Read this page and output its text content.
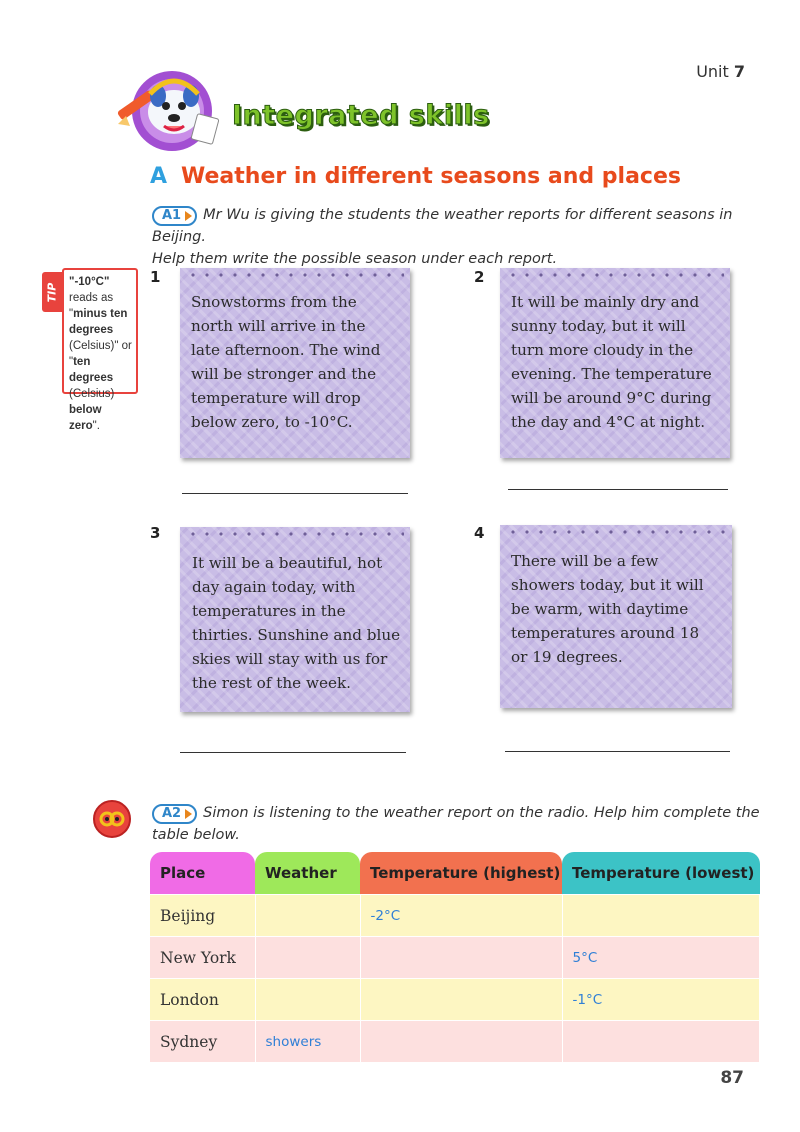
Unit 7
Integrated skills
A Weather in different seasons and places
A1 Mr Wu is giving the students the weather reports for different seasons in Beijing.
Help them write the possible season under each report.
TIP
"-10°C" reads as "minus ten degrees (Celsius)" or "ten degrees (Celsius) below zero".
1

Snowstorms from the

north will arrive in the

late afternoon. The wind

will be stronger and the

temperature will drop

below zero, to -10°C.

2

It will be mainly dry and

sunny today, but it will

turn more cloudy in the

evening. The temperature

will be around 9°C during

the day and 4°C at night.

3

It will be a beautiful, hot

day again today, with

temperatures in the

thirties. Sunshine and blue

skies will stay with us for

the rest of the week.

4

There will be a few

showers today, but it will

be warm, with daytime

temperatures around 18

or 19 degrees.

A2 Simon is listening to the weather report on the radio. Help him complete the
table below.
Place	Weather	Temperature (highest)	Temperature (lowest)
Beijing		-2°C	
New York			5°C
London			-1°C
Sydney	showers		
87
